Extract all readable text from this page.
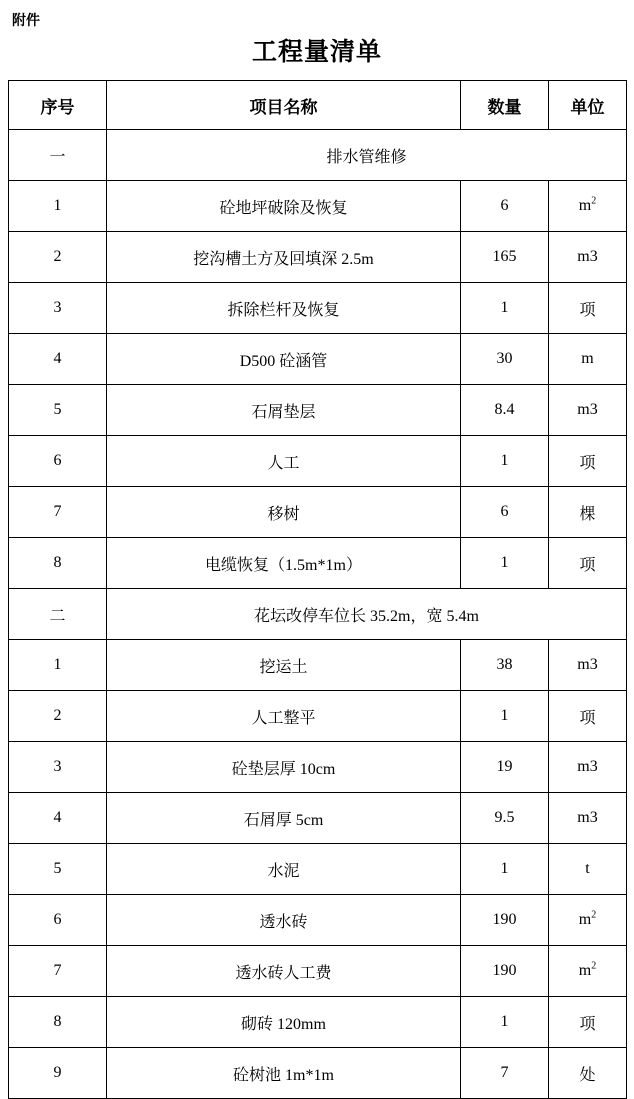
附件
工程量清单
序号	项目名称	数量	单位
一	排水管维修		
1	砼地坪破除及恢复	6	$m^2$
2	挖沟槽土方及回填深 2.5m	165	m3
3	拆除栏杆及恢复	1	项
4	D500 砼涵管	30	m
5	石屑垫层	8.4	m3
6	人工	1	项
7	移树	6	棵
8	电缆恢复（1.5m*1m）	1	项
二	花坛改停车位长 35.2m，宽 5.4m		
1	挖运土	38	m3
2	人工整平	1	项
3	砼垫层厚 10cm	19	m3
4	石屑厚 5cm	9.5	m3
5	水泥	1	t
6	透水砖	190	$m^2$
7	透水砖人工费	190	$m^2$
8	砌砖 120mm	1	项
9	砼树池 1m*1m	7	处
